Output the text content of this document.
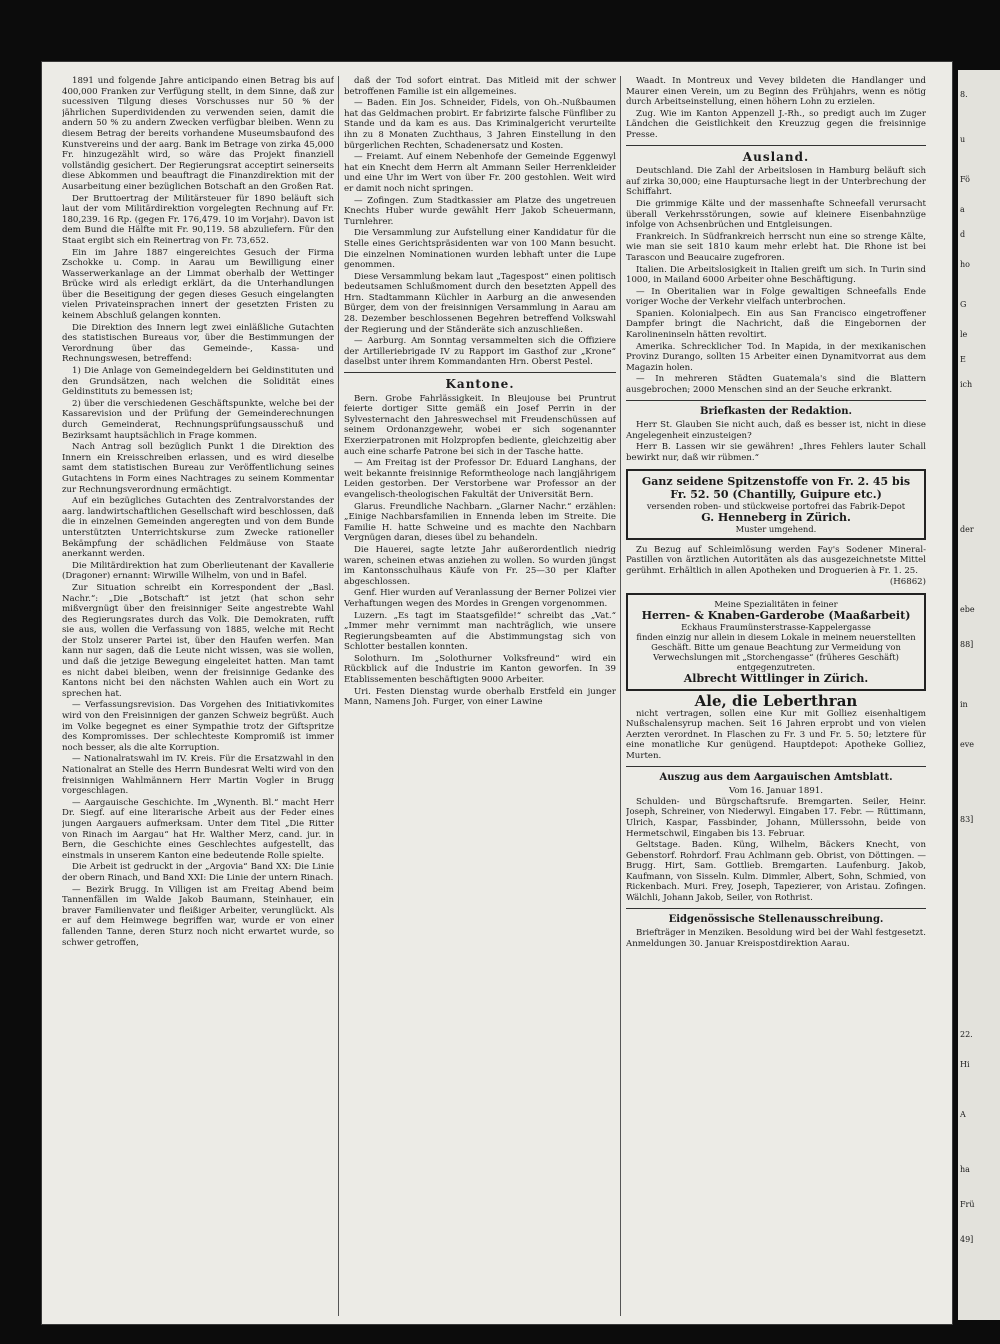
1891 und folgende Jahre anticipando einen Betrag bis auf 400,000 Franken zur Verfügung stellt, in dem Sinne, daß zur sucessiven Tilgung dieses Vorschusses nur 50 % der jährlichen Superdividenden zu verwenden seien, damit die andern 50 % zu andern Zwecken verfügbar bleiben. Wenn zu diesem Betrag der bereits vorhandene Museumsbaufond des Kunstvereins und der aarg. Bank im Betrage von zirka 45,000 Fr. hinzugezählt wird, so wäre das Projekt finanziell vollständig gesichert. Der Regierungsrat acceptirt seinerseits diese Abkommen und beauftragt die Finanzdirektion mit der Ausarbeitung einer bezüglichen Botschaft an den Großen Rat.

Der Bruttoertrag der Militärsteuer für 1890 beläuft sich laut der vom Militärdirektion vorgelegten Rechnung auf Fr. 180,239. 16 Rp. (gegen Fr. 176,479. 10 im Vorjahr). Davon ist dem Bund die Hälfte mit Fr. 90,119. 58 abzuliefern. Für den Staat ergibt sich ein Reinertrag von Fr. 73,652.

Ein im Jahre 1887 eingereichtes Gesuch der Firma Zschokke u. Comp. in Aarau um Bewilligung einer Wasserwerkanlage an der Limmat oberhalb der Wettinger Brücke wird als erledigt erklärt, da die Unterhandlungen über die Beseitigung der gegen dieses Gesuch eingelangten vielen Privateinsprachen innert der gesetzten Fristen zu keinem Abschluß gelangen konnten.

Die Direktion des Innern legt zwei einläßliche Gutachten des statistischen Bureaus vor, über die Bestimmungen der Verordnung über das Gemeinde-, Kassa- und Rechnungswesen, betreffend:

1) Die Anlage von Gemeindegeldern bei Geldinstituten und den Grundsätzen, nach welchen die Solidität eines Geldinstituts zu bemessen ist;

2) über die verschiedenen Geschäftspunkte, welche bei der Kassarevision und der Prüfung der Gemeinderechnungen durch Gemeinderat, Rechnungsprüfungsausschuß und Bezirksamt hauptsächlich in Frage kommen.

Nach Antrag soll bezüglich Punkt 1 die Direktion des Innern ein Kreisschreiben erlassen, und es wird dieselbe samt dem statistischen Bureau zur Veröffentlichung seines Gutachtens in Form eines Nachtrages zu seinem Kommentar zur Rechnungsverordnung ermächtigt.

Auf ein bezügliches Gutachten des Zentralvorstandes der aarg. landwirtschaftlichen Gesellschaft wird beschlossen, daß die in einzelnen Gemeinden angeregten und von dem Bunde unterstützten Unterrichtskurse zum Zwecke rationeller Bekämpfung der schädlichen Feldmäuse von Staate anerkannt werden.

Die Militärdirektion hat zum Oberlieutenant der Kavallerie (Dragoner) ernannt: Wirwille Wilhelm, von und in Bafel.

Zur Situation schreibt ein Korrespondent der „Basl. Nachr.“: „Die „Botschaft“ ist jetzt (hat schon sehr mißvergnügt über den freisinniger Seite angestrebte Wahl des Regierungsrates durch das Volk. Die Demokraten, rufft sie aus, wollen die Verfassung von 1885, welche mit Recht der Stolz unserer Partei ist, über den Haufen werfen. Man kann nur sagen, daß die Leute nicht wissen, was sie wollen, und daß die jetzige Bewegung eingeleitet hatten. Man tamt es nicht dabei bleiben, wenn der freisinnige Gedanke des Kantons nicht bei den nächsten Wahlen auch ein Wort zu sprechen hat.

— Verfassungsrevision. Das Vorgehen des Initiativkomites wird von den Freisinnigen der ganzen Schweiz begrüßt. Auch im Volke begegnet es einer Sympathie trotz der Giftspritze des Kompromisses. Der schlechteste Kompromiß ist immer noch besser, als die alte Korruption.

— Nationalratswahl im IV. Kreis. Für die Ersatzwahl in den Nationalrat an Stelle des Herrn Bundesrat Welti wird von den freisinnigen Wahlmännern Herr Martin Vogler in Brugg vorgeschlagen.

— Aargauische Geschichte. Im „Wynenth. Bl.“ macht Herr Dr. Siegf. auf eine literarische Arbeit aus der Feder eines jungen Aargauers aufmerksam. Unter dem Titel „Die Ritter von Rinach im Aargau“ hat Hr. Walther Merz, cand. jur. in Bern, die Geschichte eines Geschlechtes aufgestellt, das einstmals in unserem Kanton eine bedeutende Rolle spielte.

Die Arbeit ist gedruckt in der „Argovia“ Band XX: Die Linie der obern Rinach, und Band XXI: Die Linie der untern Rinach.

— Bezirk Brugg. In Villigen ist am Freitag Abend beim Tannenfällen im Walde Jakob Baumann, Steinhauer, ein braver Familienvater und fleißiger Arbeiter, verunglückt. Als er auf dem Heimwege begriffen war, wurde er von einer fallenden Tanne, deren Sturz noch nicht erwartet wurde, so schwer getroffen,

daß der Tod sofort eintrat. Das Mitleid mit der schwer betroffenen Familie ist ein allgemeines.

— Baden. Ein Jos. Schneider, Fidels, von Oh.-Nußbaumen hat das Geldmachen probirt. Er fabrizirte falsche Fünfliber zu Stande und da kam es aus. Das Kriminalgericht verurteilte ihn zu 8 Monaten Zuchthaus, 3 Jahren Einstellung in den bürgerlichen Rechten, Schadenersatz und Kosten.

— Freiamt. Auf einem Nebenhofe der Gemeinde Eggenwyl hat ein Knecht dem Herrn alt Ammann Seiler Herrenkleider und eine Uhr im Wert von über Fr. 200 gestohlen. Weit wird er damit noch nicht springen.

— Zofingen. Zum Stadtkassier am Platze des ungetreuen Knechts Huber wurde gewählt Herr Jakob Scheuermann, Turnlehrer.

Die Versammlung zur Aufstellung einer Kandidatur für die Stelle eines Gerichtspräsidenten war von 100 Mann besucht. Die einzelnen Nominationen wurden lebhaft unter die Lupe genommen.

Diese Versammlung bekam laut „Tagespost“ einen politisch bedeutsamen Schlußmoment durch den besetzten Appell des Hrn. Stadtammann Küchler in Aarburg an die anwesenden Bürger, dem von der freisinnigen Versammlung in Aarau am 28. Dezember beschlossenen Begehren betreffend Volkswahl der Regierung und der Ständeräte sich anzuschließen.

— Aarburg. Am Sonntag versammelten sich die Offiziere der Artilleriebrigade IV zu Rapport im Gasthof zur „Krone“ daselbst unter ihrem Kommandanten Hrn. Oberst Pestel.

Kantone.

Bern. Grobe Fahrlässigkeit. In Bleujouse bei Pruntrut feierte dortiger Sitte gemäß ein Josef Perrin in der Sylvesternacht den Jahreswechsel mit Freudenschüssen auf seinem Ordonanzgewehr, wobei er sich sogenannter Exerzierpatronen mit Holzpropfen bediente, gleichzeitig aber auch eine scharfe Patrone bei sich in der Tasche hatte.

— Am Freitag ist der Professor Dr. Eduard Langhans, der weit bekannte freisinnige Reformtheologe nach langjährigem Leiden gestorben. Der Verstorbene war Professor an der evangelisch-theologischen Fakultät der Universität Bern.

Glarus. Freundliche Nachbarn. „Glarner Nachr.“ erzählen: „Einige Nachbarsfamilien in Ennenda leben im Streite. Die Familie H. hatte Schweine und es machte den Nachbarn Vergnügen daran, dieses übel zu behandeln.

Die Hauerei, sagte letzte Jahr außerordentlich niedrig waren, scheinen etwas anziehen zu wollen. So wurden jüngst im Kantonsschulhaus Käufe von Fr. 25—30 per Klafter abgeschlossen.

Genf. Hier wurden auf Veranlassung der Berner Polizei vier Verhaftungen wegen des Mordes in Grengen vorgenommen.

Luzern. „Es tagt im Staatsgefilde!“ schreibt das „Vat.“ „Immer mehr vernimmt man nachträglich, wie unsere Regierungsbeamten auf die Abstimmungstag sich von Schlotter bestallen konnten.

Solothurn. Im „Solothurner Volksfreund“ wird ein Rückblick auf die Industrie im Kanton geworfen. In 39 Etablissementen beschäftigten 9000 Arbeiter.

Uri. Festen Dienstag wurde oberhalb Erstfeld ein junger Mann, Namens Joh. Furger, von einer Lawine

Waadt. In Montreux und Vevey bildeten die Handlanger und Maurer einen Verein, um zu Beginn des Frühjahrs, wenn es nötig durch Arbeitseinstellung, einen höhern Lohn zu erzielen.

Zug. Wie im Kanton Appenzell J.-Rh., so predigt auch im Zuger Ländchen die Geistlichkeit den Kreuzzug gegen die freisinnige Presse.

Ausland.

Deutschland. Die Zahl der Arbeitslosen in Hamburg beläuft sich auf zirka 30,000; eine Hauptursache liegt in der Unterbrechung der Schiffahrt.

Die grimmige Kälte und der massenhafte Schneefall verursacht überall Verkehrsstörungen, sowie auf kleinere Eisenbahnzüge infolge von Achsenbrüchen und Entgleisungen.

Frankreich. In Südfrankreich herrscht nun eine so strenge Kälte, wie man sie seit 1810 kaum mehr erlebt hat. Die Rhone ist bei Tarascon und Beaucaire zugefroren.

Italien. Die Arbeitslosigkeit in Italien greift um sich. In Turin sind 1000, in Mailand 6000 Arbeiter ohne Beschäftigung.

— In Oberitalien war in Folge gewaltigen Schneefalls Ende voriger Woche der Verkehr vielfach unterbrochen.

Spanien. Kolonialpech. Ein aus San Francisco eingetroffener Dampfer bringt die Nachricht, daß die Eingebornen der Karolineninseln hätten revoltirt.

Amerika. Schrecklicher Tod. In Mapida, in der mexikanischen Provinz Durango, sollten 15 Arbeiter einen Dynamitvorrat aus dem Magazin holen.

— In mehreren Städten Guatemala's sind die Blattern ausgebrochen; 2000 Menschen sind an der Seuche erkrankt.

Briefkasten der Redaktion.

Herr St. Glauben Sie nicht auch, daß es besser ist, nicht in diese Angelegenheit einzusteigen?

Herr B. Lassen wir sie gewähren! „Ihres Fehlers lauter Schall bewirkt nur, daß wir rübmen.“

Ganz seidene Spitzenstoffe von Fr. 2. 45 bis Fr. 52. 50 (Chantilly, Guipure etc.)
versenden roben- und stückweise portofrei das Fabrik-Depot
G. Henneberg in Zürich.
Muster umgehend.

Zu Bezug auf Schleimlösung werden Fay's Sodener Mineral-Pastillen von ärztlichen Autoritäten als das ausgezeichnetste Mittel gerühmt. Erhältlich in allen Apotheken und Droguerien à Fr. 1. 25.

(H6862)
Meine Spezialitäten in feiner
Herren- & Knaben-Garderobe (Maaßarbeit)
Eckhaus Fraumünsterstrasse-Kappelergasse
finden einzig nur allein in diesem Lokale in meinem neuerstellten Geschäft. Bitte um genaue Beachtung zur Vermeidung von Verwechslungen mit „Storchengasse“ (früheres Geschäft) entgegenzutreten.
Albrecht Wittlinger in Zürich.
Ale, die Leberthran

nicht vertragen, sollen eine Kur mit Golliez eisenhaltigem Nußschalensyrup machen. Seit 16 Jahren erprobt und von vielen Aerzten verordnet. In Flaschen zu Fr. 3 und Fr. 5. 50; letztere für eine monatliche Kur genügend. Hauptdepot: Apotheke Golliez, Murten.

Auszug aus dem Aargauischen Amtsblatt.
Vom 16. Januar 1891.

Schulden- und Bürgschaftsrufe. Bremgarten. Seiler, Heinr. Joseph, Schreiner, von Niederwyl. Eingaben 17. Febr. — Rüttimann, Ulrich, Kaspar, Fassbinder, Johann, Müllerssohn, beide von Hermetschwil, Eingaben bis 13. Februar.

Geltstage. Baden. Küng, Wilhelm, Bäckers Knecht, von Gebenstorf. Rohrdorf. Frau Achlmann geb. Obrist, von Döttingen. — Brugg. Hirt, Sam. Gottlieb. Bremgarten. Laufenburg. Jakob, Kaufmann, von Sisseln. Kulm. Dimmler, Albert, Sohn, Schmied, von Rickenbach. Muri. Frey, Joseph, Tapezierer, von Aristau. Zofingen. Wälchli, Johann Jakob, Seiler, von Rothrist.

Eidgenössische Stellenausschreibung.

Briefträger in Menziken. Besoldung wird bei der Wahl festgesetzt. Anmeldungen 30. Januar Kreispostdirektion Aarau.

8.
u
Fö
a
d
ho
G
le
E
ich
der
ebe
88]
in
eve
83]
22.
Hi
A
ha
Frü
49]
